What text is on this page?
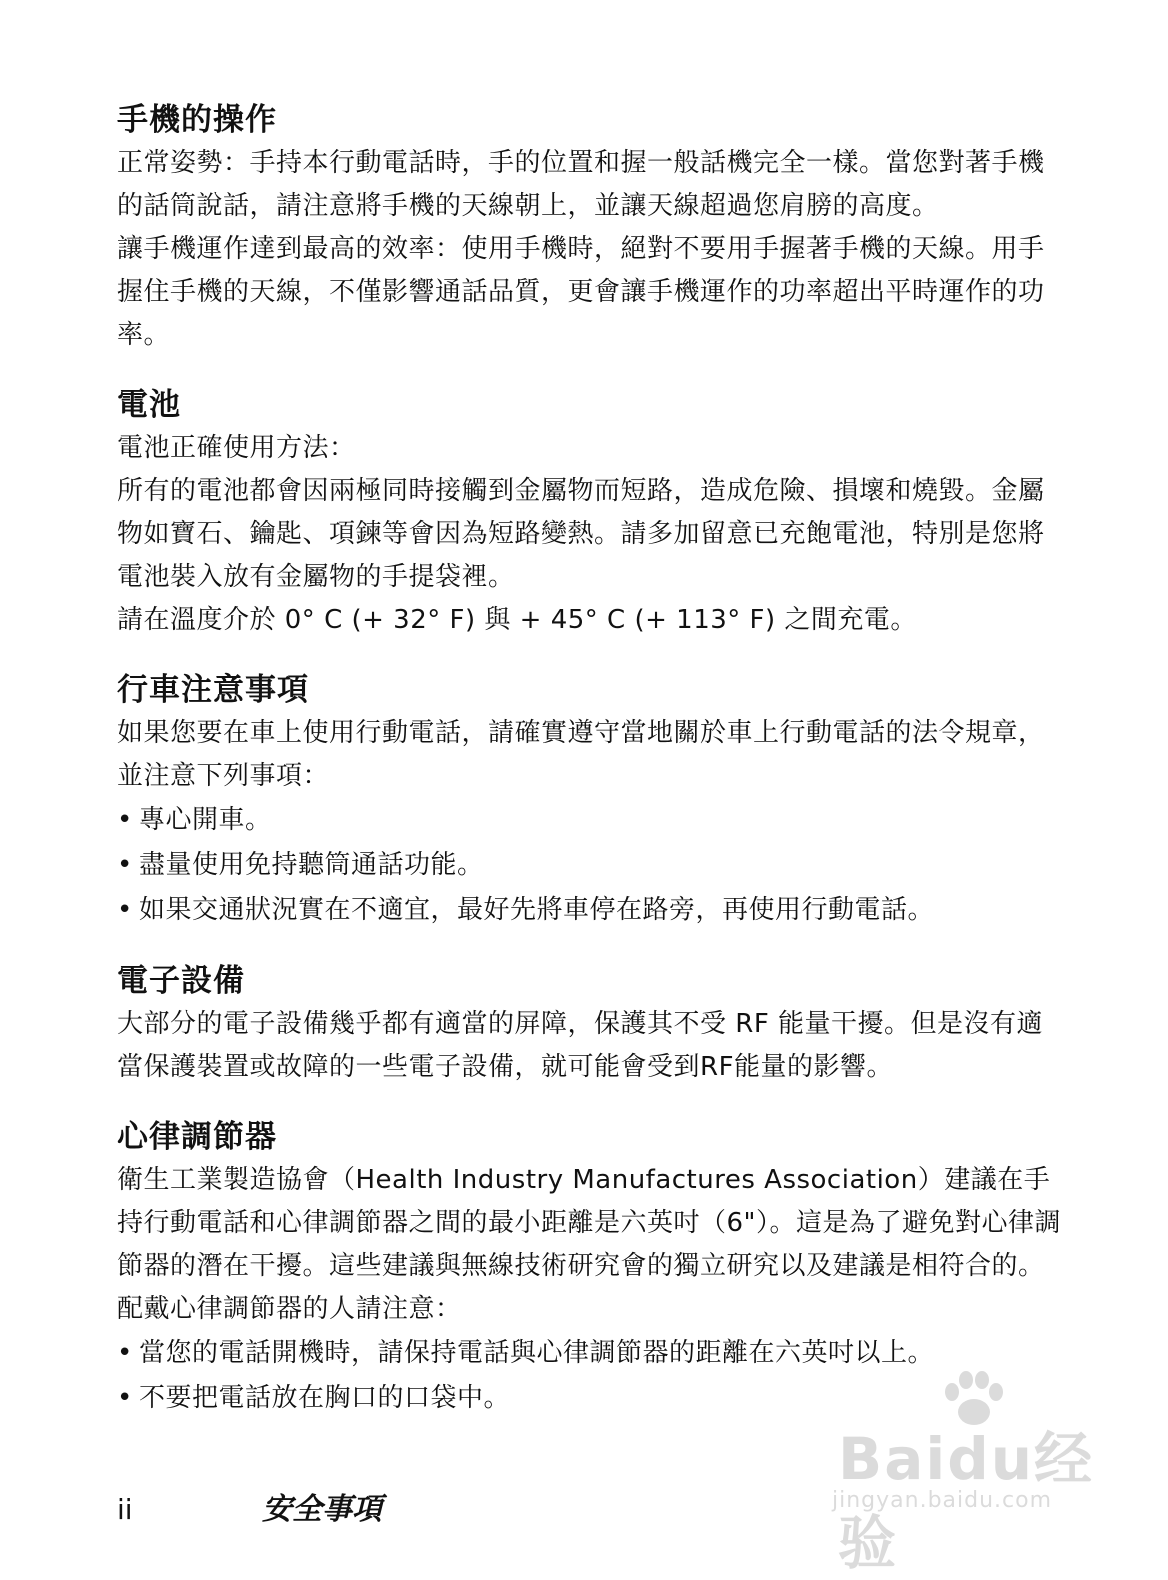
手機的操作

正常姿勢：手持本行動電話時，手的位置和握一般話機完全一樣。當您對著手機的話筒說話，請注意將手機的天線朝上，並讓天線超過您肩膀的高度。

讓手機運作達到最高的效率：使用手機時，絕對不要用手握著手機的天線。用手握住手機的天線，不僅影響通話品質，更會讓手機運作的功率超出平時運作的功率。

電池

電池正確使用方法：

所有的電池都會因兩極同時接觸到金屬物而短路，造成危險、損壞和燒毀。金屬物如寶石、鑰匙、項鍊等會因為短路變熱。請多加留意已充飽電池，特別是您將電池裝入放有金屬物的手提袋裡。

請在溫度介於 0° C (+ 32° F) 與 + 45° C (+ 113° F) 之間充電。

行車注意事項

如果您要在車上使用行動電話，請確實遵守當地關於車上行動電話的法令規章，並注意下列事項：

• 專心開車。
• 盡量使用免持聽筒通話功能。
• 如果交通狀況實在不適宜，最好先將車停在路旁，再使用行動電話。
電子設備

大部分的電子設備幾乎都有適當的屏障，保護其不受 RF 能量干擾。但是沒有適當保護裝置或故障的一些電子設備，就可能會受到RF能量的影響。

心律調節器

衛生工業製造協會（Health Industry Manufactures Association）建議在手持行動電話和心律調節器之間的最小距離是六英吋（6"）。這是為了避免對心律調節器的潛在干擾。這些建議與無線技術研究會的獨立研究以及建議是相符合的。

配戴心律調節器的人請注意：

• 當您的電話開機時，請保持電話與心律調節器的距離在六英吋以上。
• 不要把電話放在胸口的口袋中。
ii	安全事項
Baidu经验
jingyan.baidu.com
